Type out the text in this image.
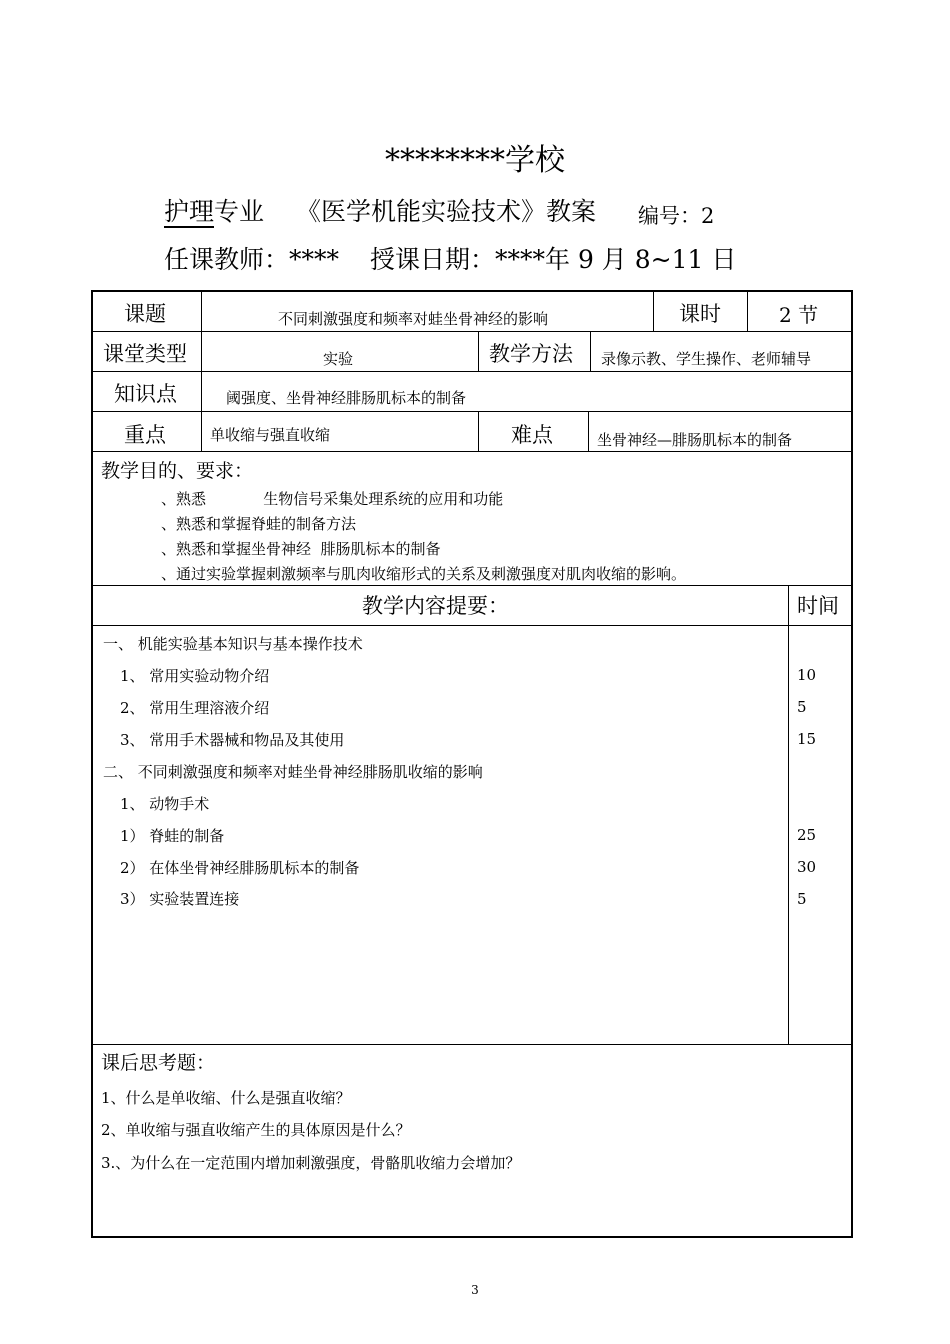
********学校
护理专业 《医学机能实验技术》教案 编号：2
任课教师：**** 授课日期：****年 9 月 8~11 日
课题	不同刺激强度和频率对蛙坐骨神经的影响	课时	2 节
课堂类型	实验	教学方法 录像示教、学生操作、老师辅导
知识点	阈强度、坐骨神经腓肠肌标本的制备
重点	单收缩与强直收缩	难点	坐骨神经—腓肠肌标本的制备
教学目的、要求：
、熟悉            生物信号采集处理系统的应用和功能
、熟悉和掌握脊蛙的制备方法
、熟悉和掌握坐骨神经  腓肠肌标本的制备
、通过实验掌握刺激频率与肌肉收缩形式的关系及刺激强度对肌肉收缩的影响。
教学内容提要：	时间
一、 机能实验基本知识与基本操作技术
1、 常用实验动物介绍	10
2、 常用生理溶液介绍	5
3、 常用手术器械和物品及其使用	15
二、 不同刺激强度和频率对蛙坐骨神经腓肠肌收缩的影响
1、 动物手术
1） 脊蛙的制备	25
2） 在体坐骨神经腓肠肌标本的制备	30
3） 实验装置连接	5
课后思考题：
1、什么是单收缩、什么是强直收缩？
2、单收缩与强直收缩产生的具体原因是什么？
3.、为什么在一定范围内增加刺激强度，骨骼肌收缩力会增加？
3
